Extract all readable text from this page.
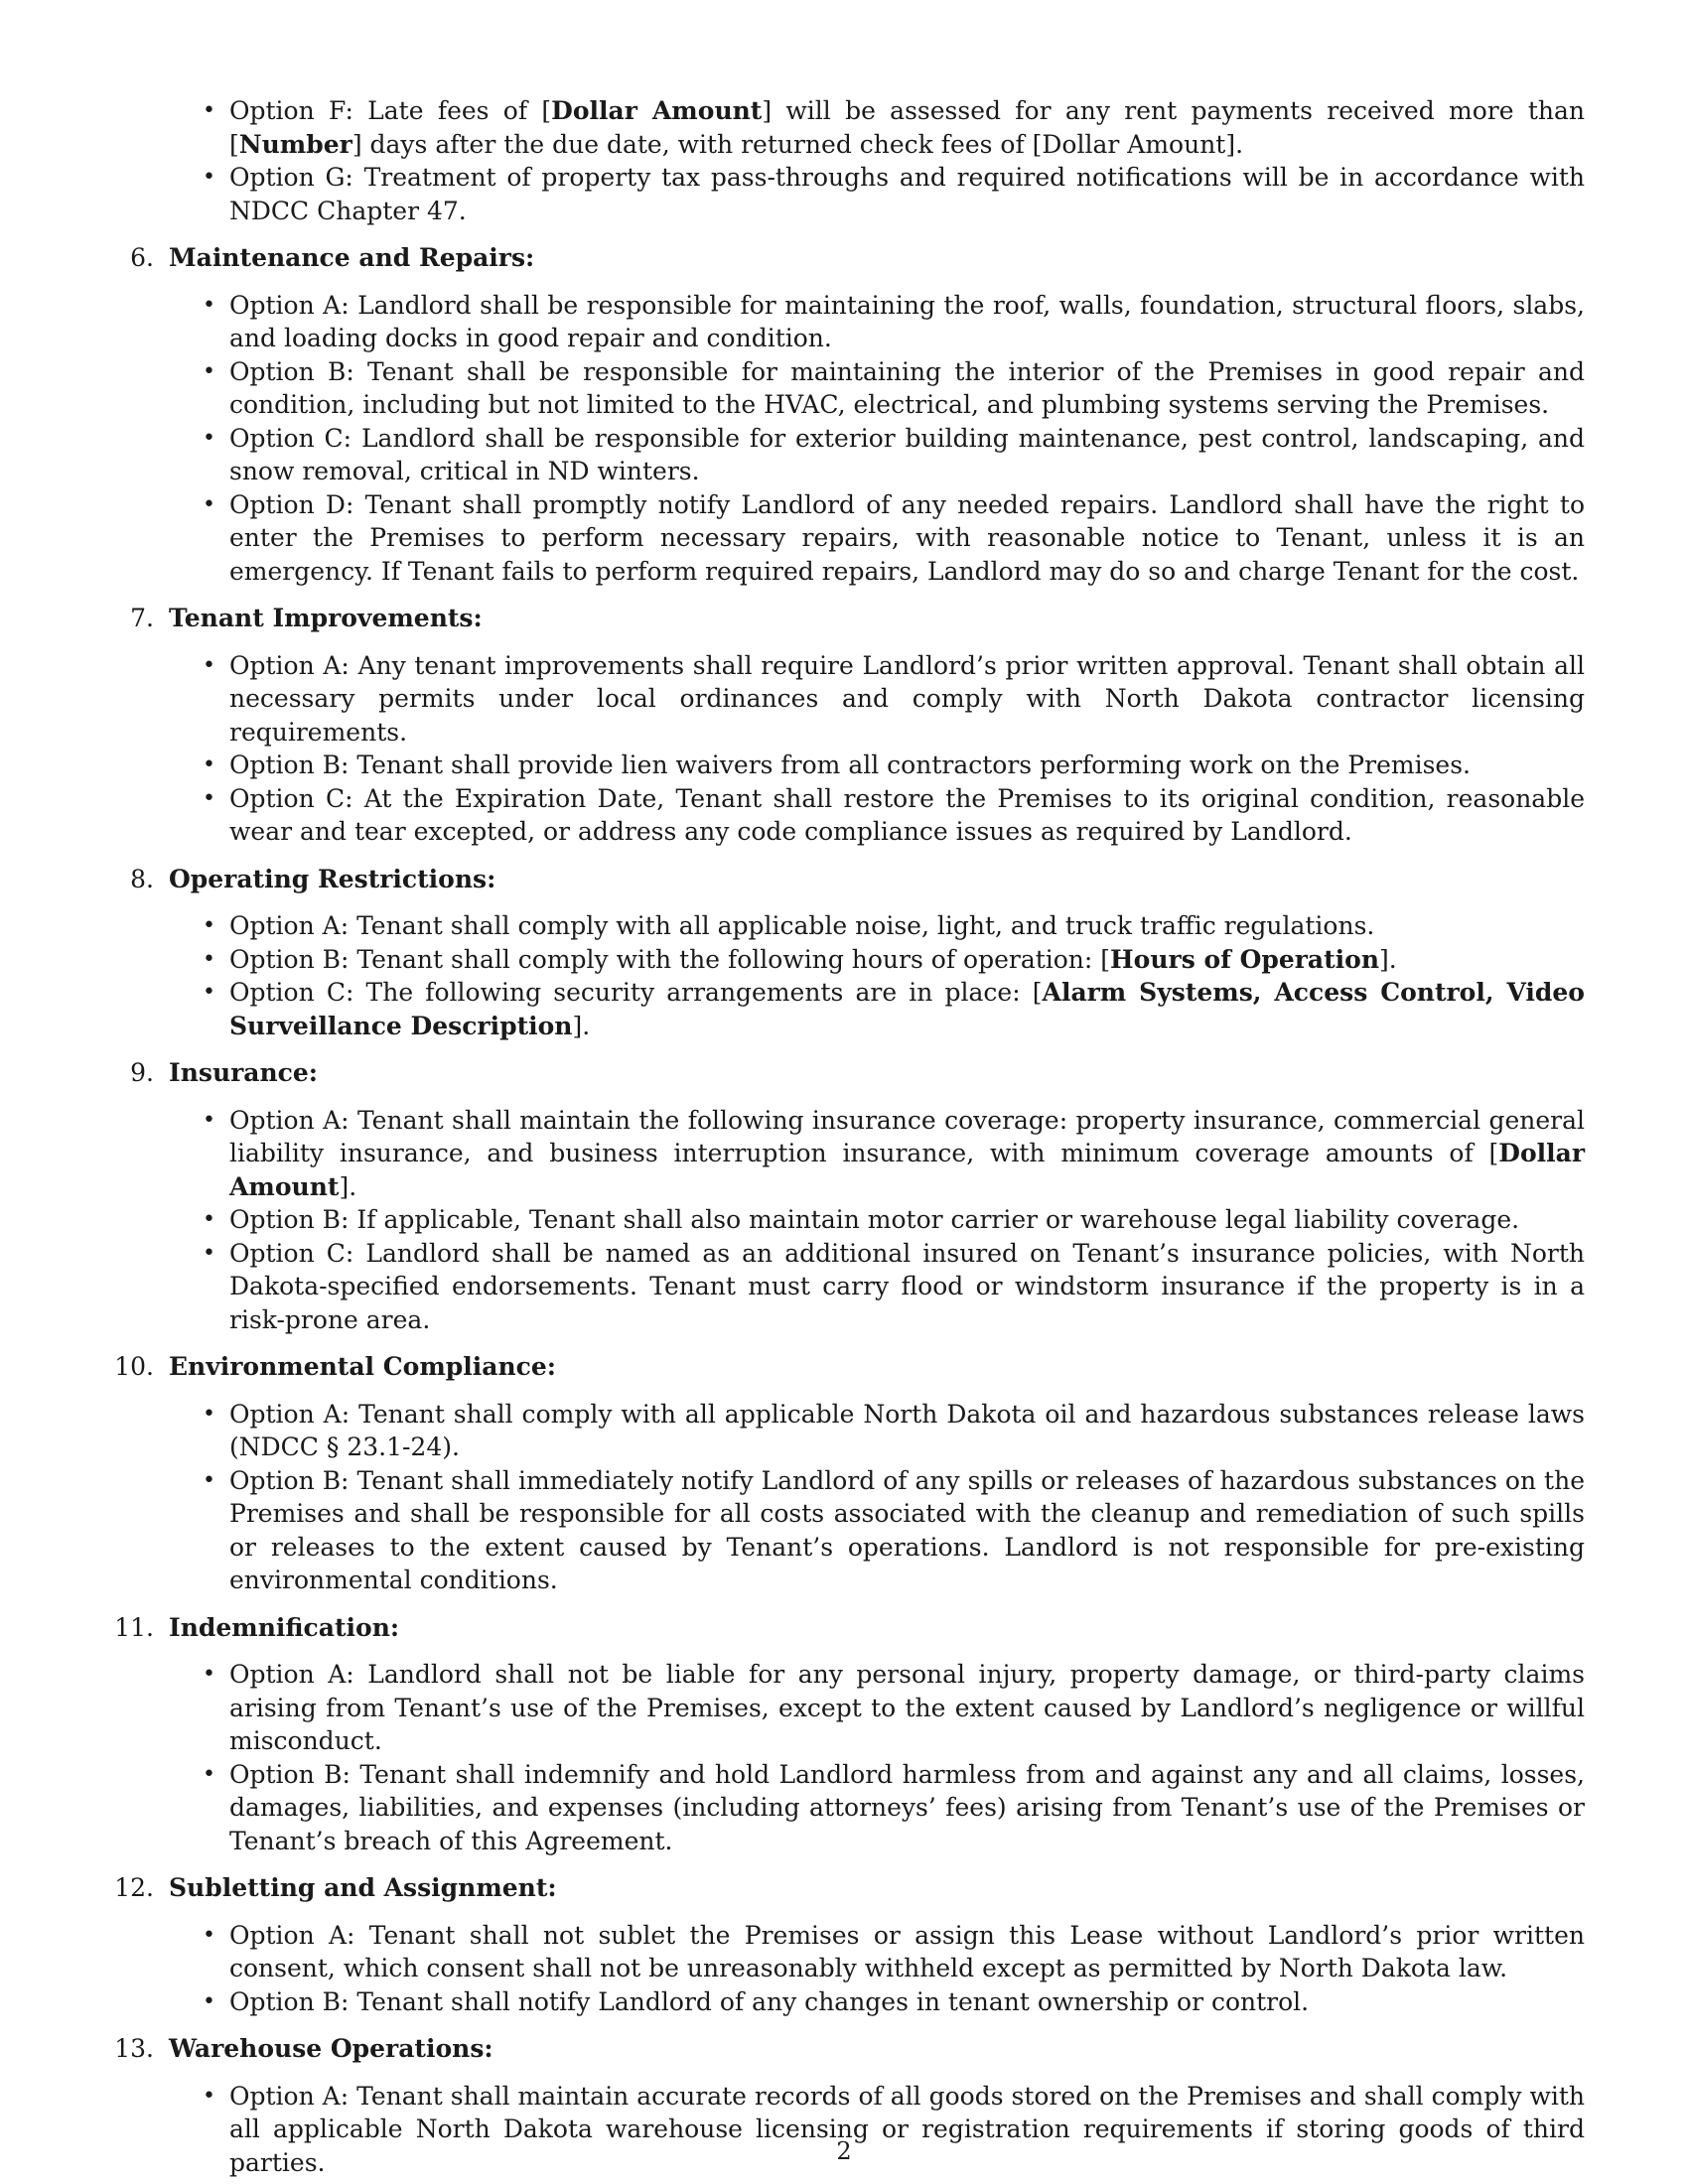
• Option F: Late fees of [Dollar Amount] will be assessed for any rent payments received more than [Number] days after the due date, with returned check fees of [Dollar Amount].
• Option G: Treatment of property tax pass-throughs and required notifications will be in accordance with NDCC Chapter 47.
6. Maintenance and Repairs:
• Option A: Landlord shall be responsible for maintaining the roof, walls, foundation, structural floors, slabs, and loading docks in good repair and condition.
• Option B: Tenant shall be responsible for maintaining the interior of the Premises in good repair and condition, including but not limited to the HVAC, electrical, and plumbing systems serving the Premises.
• Option C: Landlord shall be responsible for exterior building maintenance, pest control, landscaping, and snow removal, critical in ND winters.
• Option D: Tenant shall promptly notify Landlord of any needed repairs. Landlord shall have the right to enter the Premises to perform necessary repairs, with reasonable notice to Tenant, unless it is an emergency. If Tenant fails to perform required repairs, Landlord may do so and charge Tenant for the cost.
7. Tenant Improvements:
• Option A: Any tenant improvements shall require Landlord’s prior written approval. Tenant shall obtain all necessary permits under local ordinances and comply with North Dakota contractor licensing requirements.
• Option B: Tenant shall provide lien waivers from all contractors performing work on the Premises.
• Option C: At the Expiration Date, Tenant shall restore the Premises to its original condition, reasonable wear and tear excepted, or address any code compliance issues as required by Landlord.
8. Operating Restrictions:
• Option A: Tenant shall comply with all applicable noise, light, and truck traffic regulations.
• Option B: Tenant shall comply with the following hours of operation: [Hours of Operation].
• Option C: The following security arrangements are in place: [Alarm Systems, Access Control, Video Surveillance Description].
9. Insurance:
• Option A: Tenant shall maintain the following insurance coverage: property insurance, commercial general liability insurance, and business interruption insurance, with minimum coverage amounts of [Dollar Amount].
• Option B: If applicable, Tenant shall also maintain motor carrier or warehouse legal liability coverage.
• Option C: Landlord shall be named as an additional insured on Tenant’s insurance policies, with North Dakota-specified endorsements. Tenant must carry flood or windstorm insurance if the property is in a risk-prone area.
10. Environmental Compliance:
• Option A: Tenant shall comply with all applicable North Dakota oil and hazardous substances release laws (NDCC § 23.1-24).
• Option B: Tenant shall immediately notify Landlord of any spills or releases of hazardous substances on the Premises and shall be responsible for all costs associated with the cleanup and remediation of such spills or releases to the extent caused by Tenant’s operations. Landlord is not responsible for pre-existing environmental conditions.
11. Indemnification:
• Option A: Landlord shall not be liable for any personal injury, property damage, or third-party claims arising from Tenant’s use of the Premises, except to the extent caused by Landlord’s negligence or willful misconduct.
• Option B: Tenant shall indemnify and hold Landlord harmless from and against any and all claims, losses, damages, liabilities, and expenses (including attorneys’ fees) arising from Tenant’s use of the Premises or Tenant’s breach of this Agreement.
12. Subletting and Assignment:
• Option A: Tenant shall not sublet the Premises or assign this Lease without Landlord’s prior written consent, which consent shall not be unreasonably withheld except as permitted by North Dakota law.
• Option B: Tenant shall notify Landlord of any changes in tenant ownership or control.
13. Warehouse Operations:
• Option A: Tenant shall maintain accurate records of all goods stored on the Premises and shall comply with all applicable North Dakota warehouse licensing or registration requirements if storing goods of third parties.	2
